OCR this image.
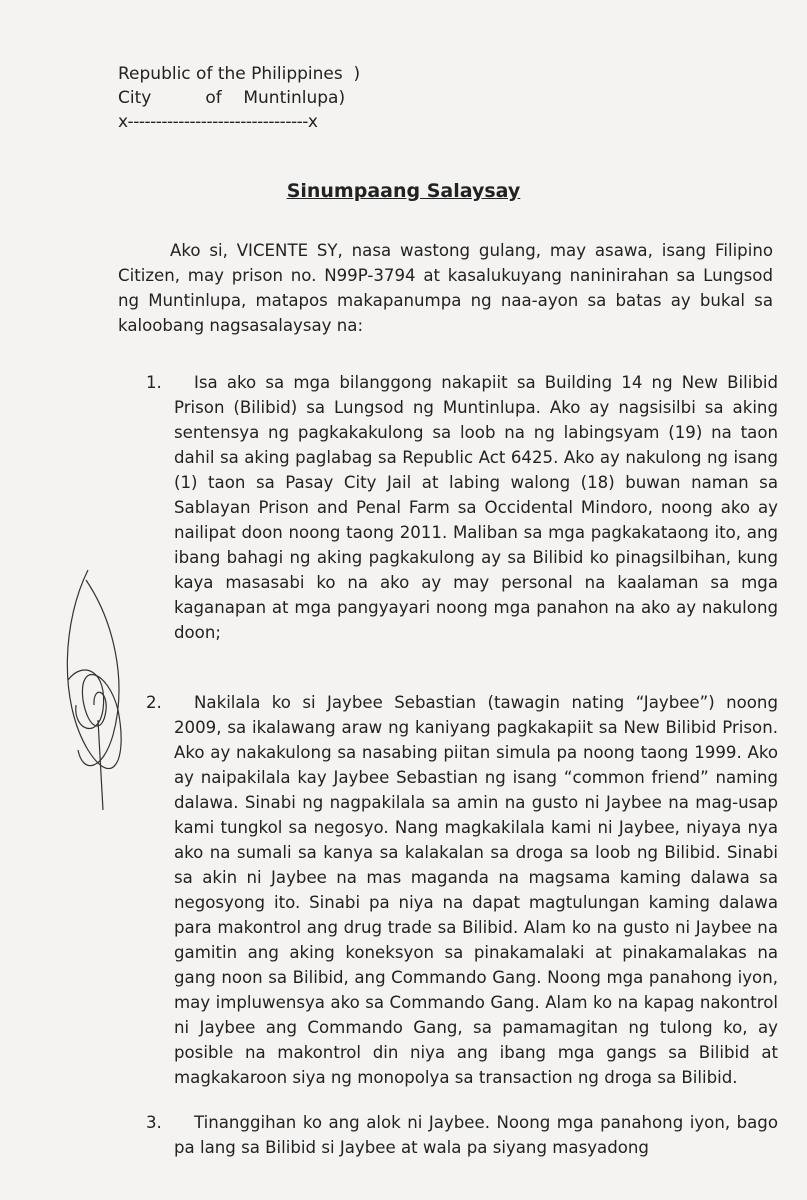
Republic of the Philippines  )
City          of    Muntinlupa)
x--------------------------------x
Sinumpaang Salaysay
Ako si, VICENTE SY, nasa wastong gulang, may asawa, isang Filipino Citizen, may prison no. N99P-3794 at kasalukuyang naninirahan sa Lungsod ng Muntinlupa, matapos makapanumpa ng naa-ayon sa batas ay bukal sa kaloobang nagsasalaysay na:
1.	Isa ako sa mga bilanggong nakapiit sa Building 14 ng New Bilibid Prison (Bilibid) sa Lungsod ng Muntinlupa. Ako ay nagsisilbi sa aking sentensya ng pagkakakulong sa loob na ng labingsyam (19) na taon dahil sa aking paglabag sa Republic Act 6425. Ako ay nakulong ng isang (1) taon sa Pasay City Jail at labing walong (18) buwan naman sa Sablayan Prison and Penal Farm sa Occidental Mindoro, noong ako ay nailipat doon noong taong 2011. Maliban sa mga pagkakataong ito, ang ibang bahagi ng aking pagkakulong ay sa Bilibid ko pinagsilbihan, kung kaya masasabi ko na ako ay may personal na kaalaman sa mga kaganapan at mga pangyayari noong mga panahon na ako ay nakulong doon;
2.	Nakilala ko si Jaybee Sebastian (tawagin nating “Jaybee”) noong 2009, sa ikalawang araw ng kaniyang pagkakapiit sa New Bilibid Prison. Ako ay nakakulong sa nasabing piitan simula pa noong taong 1999. Ako ay naipakilala kay Jaybee Sebastian ng isang “common friend” naming dalawa. Sinabi ng nagpakilala sa amin na gusto ni Jaybee na mag-usap kami tungkol sa negosyo. Nang magkakilala kami ni Jaybee, niyaya nya ako na sumali sa kanya sa kalakalan sa droga sa loob ng Bilibid. Sinabi sa akin ni Jaybee na mas maganda na magsama kaming dalawa sa negosyong ito. Sinabi pa niya na dapat magtulungan kaming dalawa para makontrol ang drug trade sa Bilibid. Alam ko na gusto ni Jaybee na gamitin ang aking koneksyon sa pinakamalaki at pinakamalakas na gang noon sa Bilibid, ang Commando Gang. Noong mga panahong iyon, may impluwensya ako sa Commando Gang. Alam ko na kapag nakontrol ni Jaybee ang Commando Gang, sa pamamagitan ng tulong ko, ay posible na makontrol din niya ang ibang mga gangs sa Bilibid at magkakaroon siya ng monopolya sa transaction ng droga sa Bilibid.
3.	Tinanggihan ko ang alok ni Jaybee. Noong mga panahong iyon, bago pa lang sa Bilibid si Jaybee at wala pa siyang masyadong
